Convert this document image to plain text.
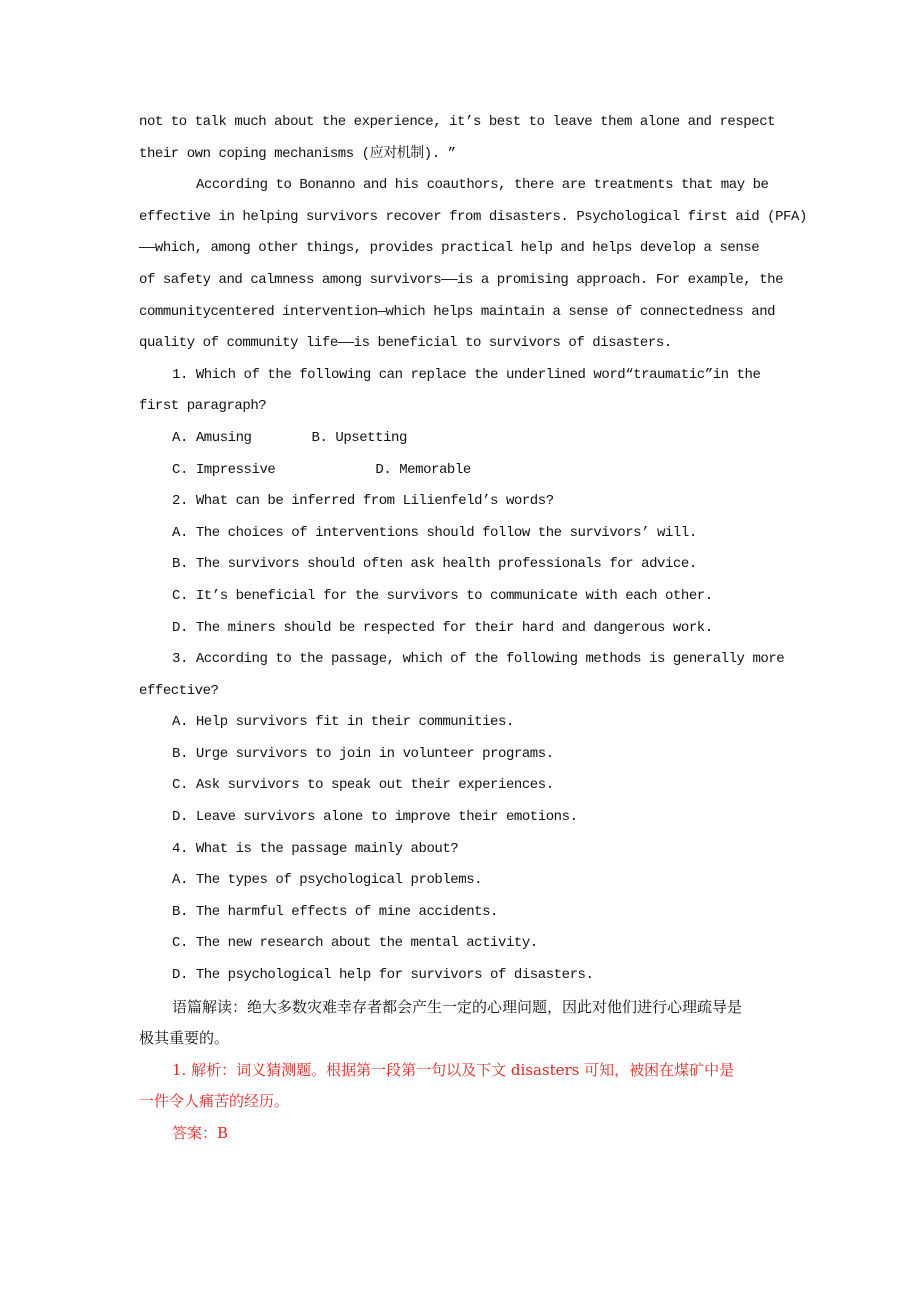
not to talk much about the experience, it’s best to leave them alone and respect
their own coping mechanisms (应对机制). ”
According to Bonanno and his coauthors, there are treatments that may be
effective in helping survivors recover from disasters. Psychological first aid (PFA)
——which, among other things, provides practical help and helps develop a sense
of safety and calmness among survivors——is a promising approach. For example, the
communitycentered intervention—which helps maintain a sense of connectedness and
quality of community life——is beneficial to survivors of disasters.
1. Which of the following can replace the underlined word“traumatic”in the
first paragraph?
A. Amusing	B. Upsetting
C. Impressive	D. Memorable
2. What can be inferred from Lilienfeld’s words?
A. The choices of interventions should follow the survivors’ will.
B. The survivors should often ask health professionals for advice.
C. It’s beneficial for the survivors to communicate with each other.
D. The miners should be respected for their hard and dangerous work.
3. According to the passage, which of the following methods is generally more
effective?
A. Help survivors fit in their communities.
B. Urge survivors to join in volunteer programs.
C. Ask survivors to speak out their experiences.
D. Leave survivors alone to improve their emotions.
4. What is the passage mainly about?
A. The types of psychological problems.
B. The harmful effects of mine accidents.
C. The new research about the mental activity.
D. The psychological help for survivors of disasters.
语篇解读：绝大多数灾难幸存者都会产生一定的心理问题，因此对他们进行心理疏导是
极其重要的。
1. 解析：词义猜测题。根据第一段第一句以及下文 disasters 可知，被困在煤矿中是
一件令人痛苦的经历。
答案：B
